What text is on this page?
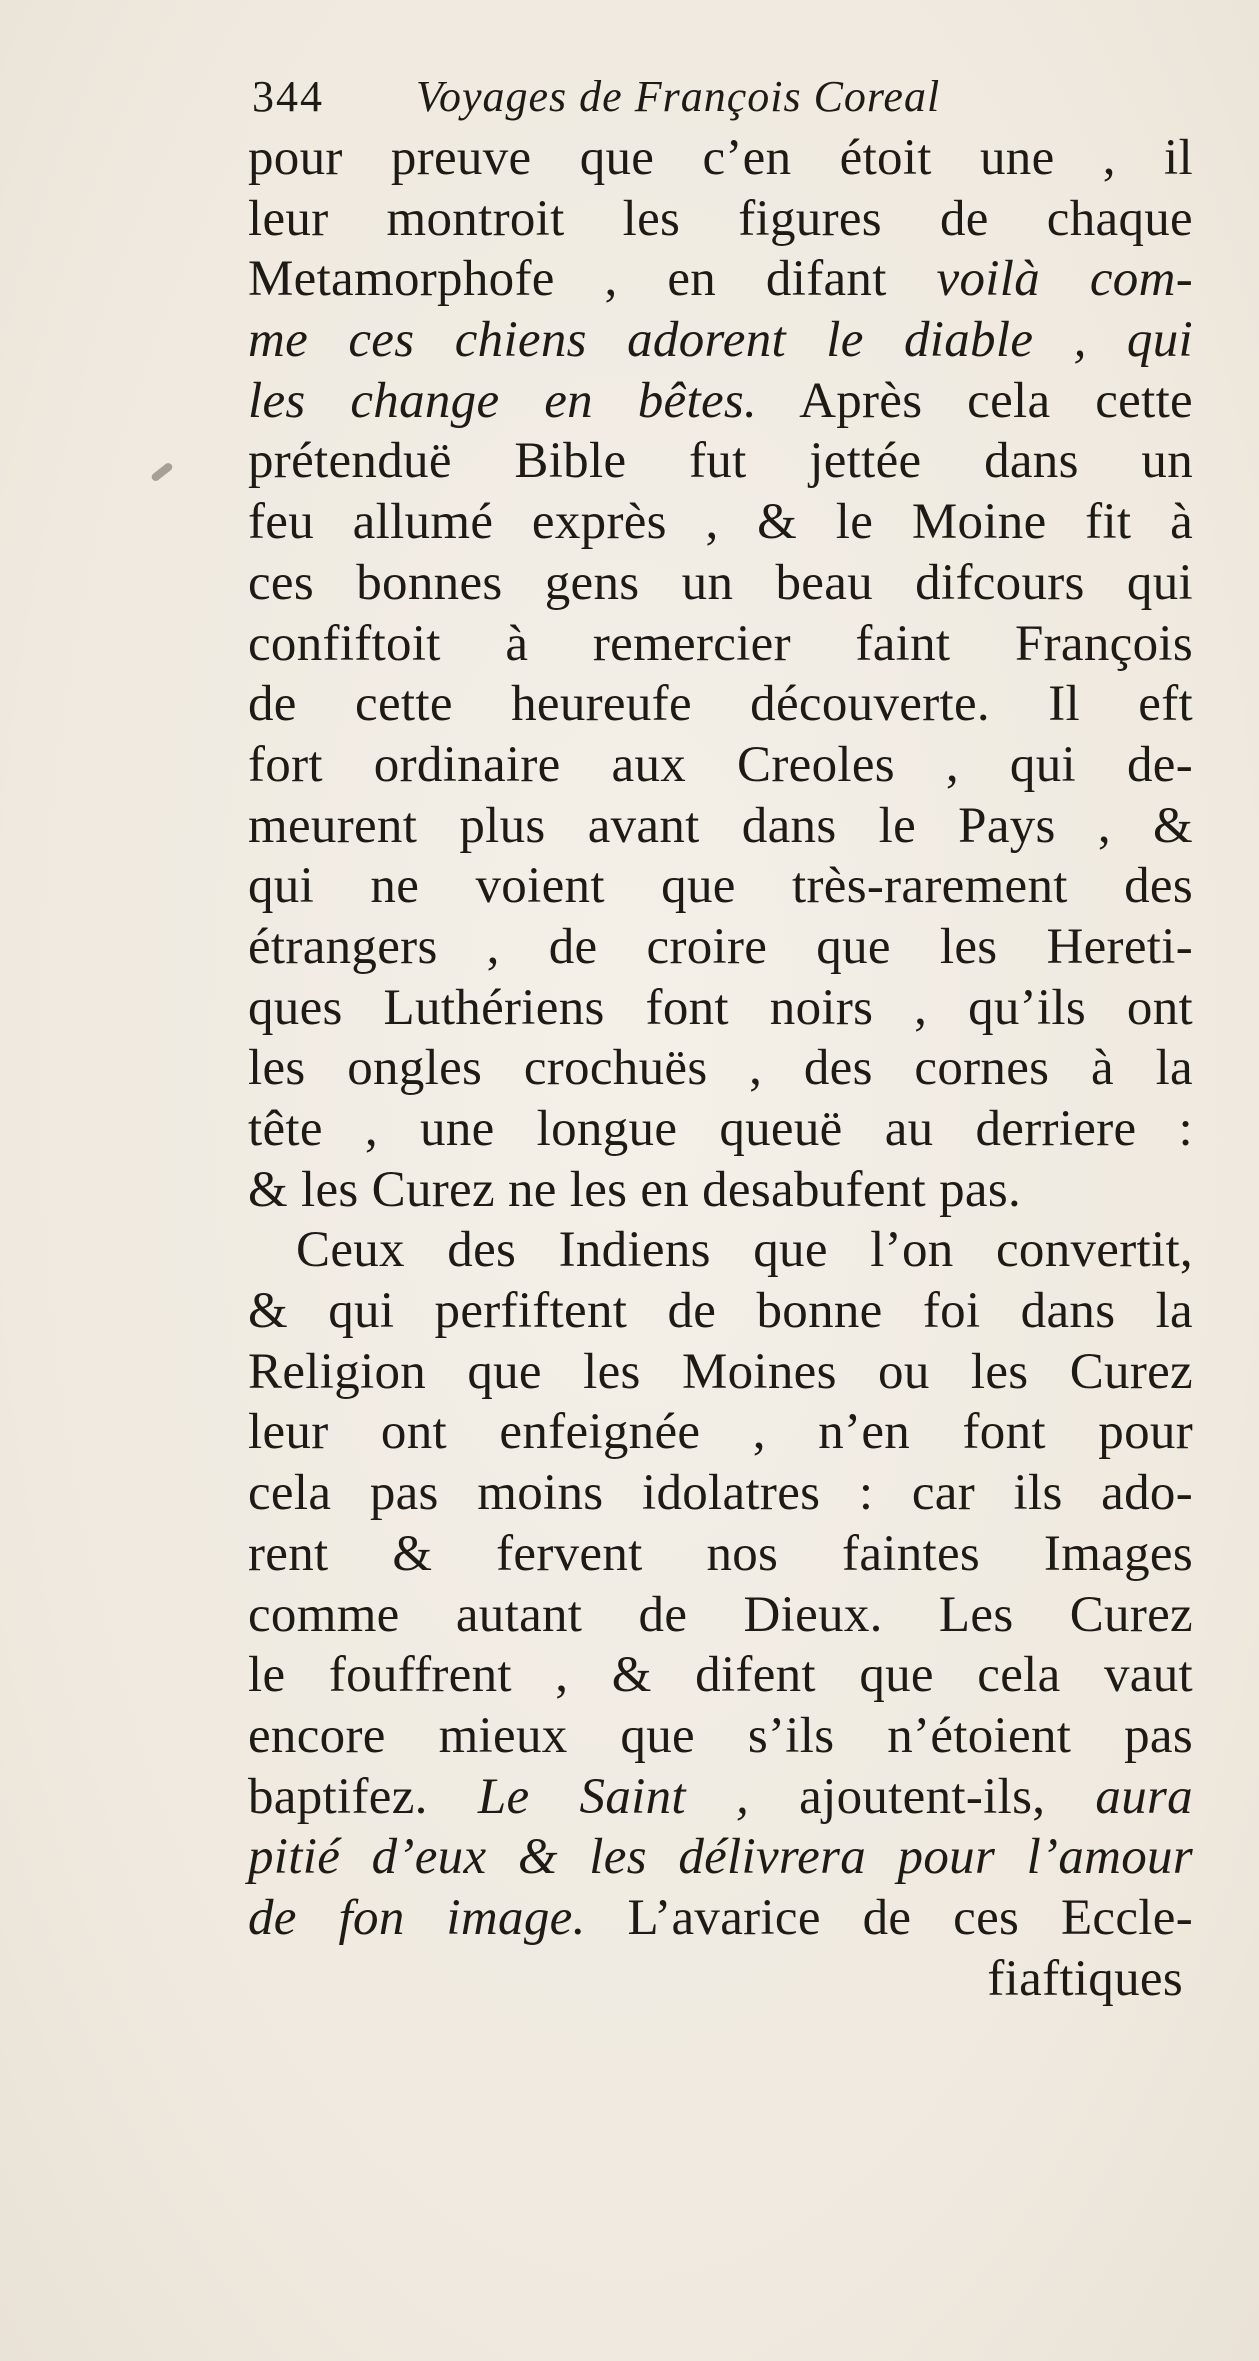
344 Voyages de François Coreal
pour preuve que c’en étoit une , il
leur montroit les figures de chaque
Metamorphofe , en difant voilà com-
me ces chiens adorent le diable , qui
les change en bêtes. Après cela cette
prétenduë Bible fut jettée dans un
feu allumé exprès , & le Moine fit à
ces bonnes gens un beau difcours qui
confiftoit à remercier faint François
de cette heureufe découverte. Il eft
fort ordinaire aux Creoles , qui de-
meurent plus avant dans le Pays , &
qui ne voient que très-rarement des
étrangers , de croire que les Hereti-
ques Luthériens font noirs , qu’ils ont
les ongles crochuës , des cornes à la
tête , une longue queuë au derriere :
& les Curez ne les en desabufent pas.
Ceux des Indiens que l’on convertit,
& qui perfiftent de bonne foi dans la
Religion que les Moines ou les Curez
leur ont enfeignée , n’en font pour
cela pas moins idolatres : car ils ado-
rent & fervent nos faintes Images
comme autant de Dieux. Les Curez
le fouffrent , & difent que cela vaut
encore mieux que s’ils n’étoient pas
baptifez. Le Saint , ajoutent-ils, aura
pitié d’eux & les délivrera pour l’amour
de fon image. L’avarice de ces Eccle-
fiaftiques
